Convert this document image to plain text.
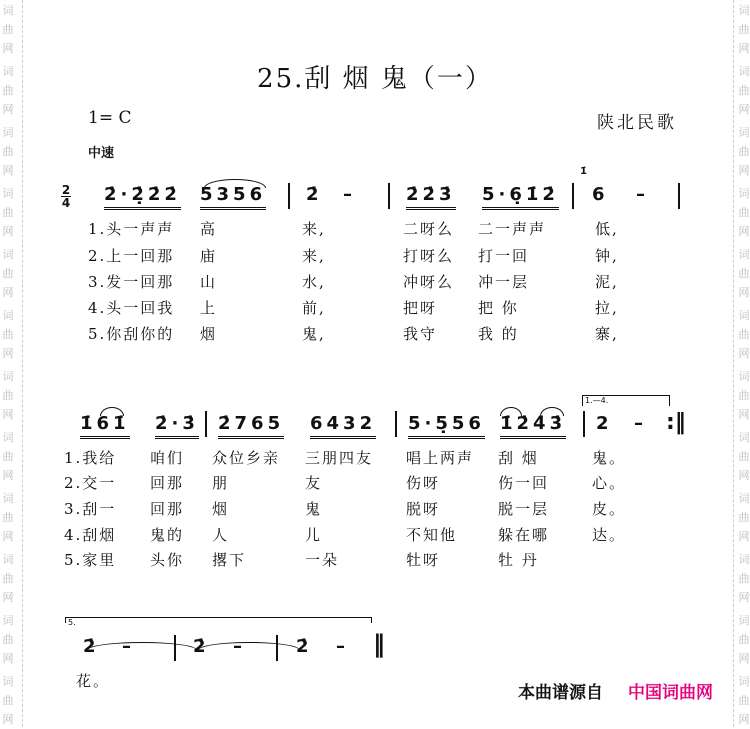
词
曲
网
词
曲
网
词
曲
网
词
曲
网
词
曲
网
词
曲
网
词
曲
网
词
曲
网
词
曲
网
词
曲
网
词
曲
网
词
曲
网
词
曲
网
词
曲
网
词
曲
网
词
曲
网
词
曲
网
词
曲
网
词
曲
网
词
曲
网
词
曲
网
词
曲
网
词
曲
网
词
曲
网
25.刮 烟 鬼（一）
1= C	陕北民歌
中速
2
4 2̇·2̣̇2̇2̇ 5356 2̇ –	2̇2̇3̇ 5·6̣1̇2̇
1̇
6 –
1.头一声声 高	来,	二呀么 二一声声	低,
2.上一回那 庙	来,	打呀么 打一回	钟,
3.发一回那 山	水,	冲呀么 冲一层	泥,
4.头一回我 上	前,	把呀	把 你	拉,
5.你刮你的 烟	鬼,	我守	我 的	寨,
1.—4.
1̇61̇ 2̇·3̇ 2̇765 6432 5·5̣56 1̇2̇4̇3̇ 2 – :‖
1.我给 咱们 众位乡亲 三朋四友 唱上两声 刮 烟	鬼。
2.交一 回那 朋	友	伤呀	伤一回	心。
3.刮一 回那 烟	鬼	脱呀	脱一层	皮。
4.刮烟 鬼的 人	儿	不知他	躲在哪	达。
5.家里 头你 撂下	一朵	牡呀	牡 丹
5.
2̇ –	2̇ –	2̇ – ‖
花。
本曲谱源自 中国词曲网
